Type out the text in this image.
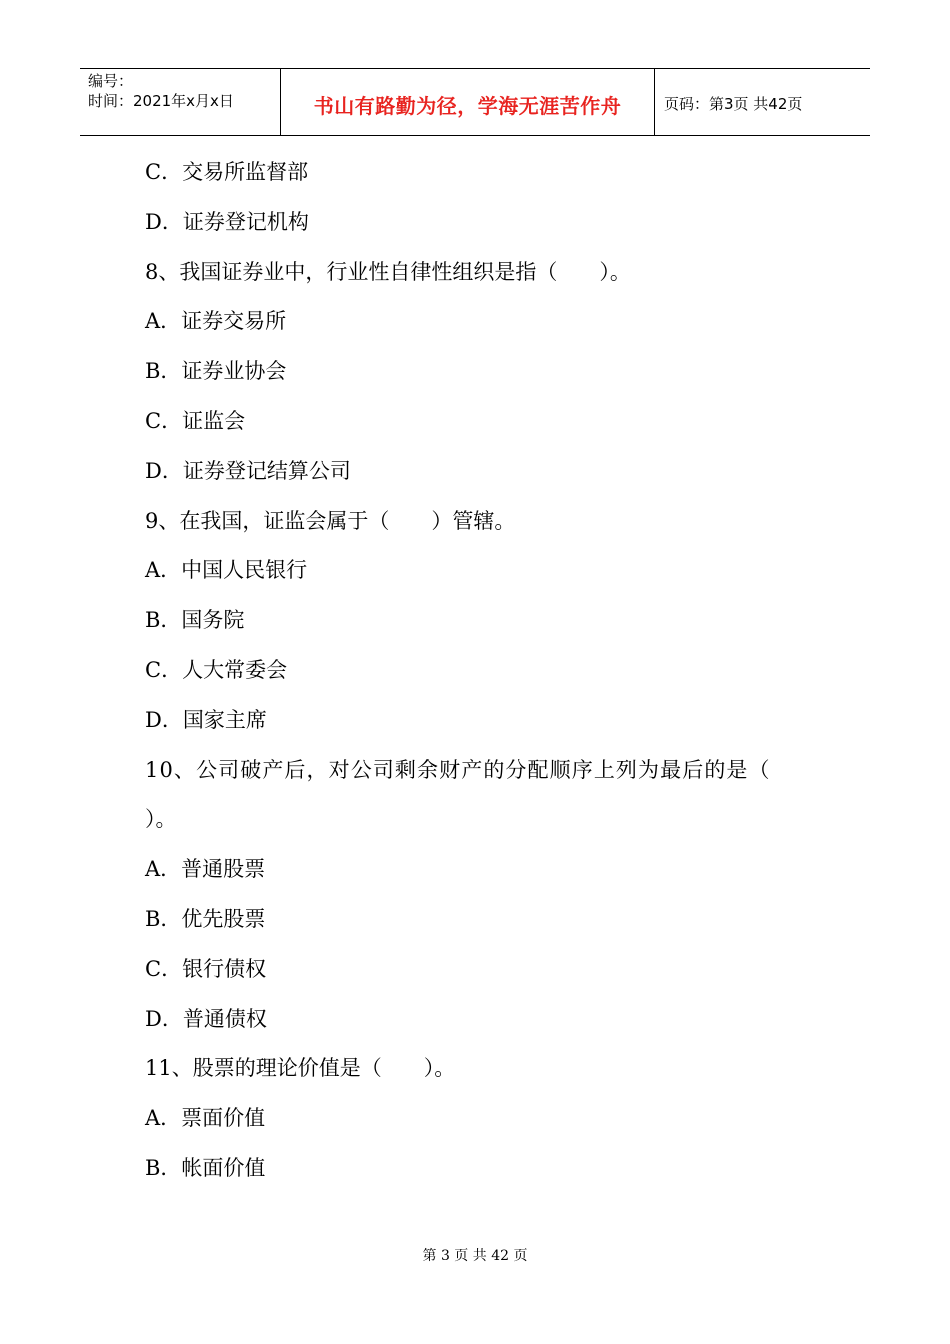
编号：
时间：2021年x月x日	书山有路勤为径，学海无涯苦作舟	页码：第3页 共42页
C．交易所监督部
D．证券登记机构
8、我国证券业中，行业性自律性组织是指（　　）。
A．证券交易所
B．证券业协会
C．证监会
D．证券登记结算公司
9、在我国，证监会属于（　　）管辖。
A．中国人民银行
B．国务院
C．人大常委会
D．国家主席
10、公司破产后，对公司剩余财产的分配顺序上列为最后的是（
）。
A．普通股票
B．优先股票
C．银行债权
D．普通债权
11、股票的理论价值是（　　）。
A．票面价值
B．帐面价值
第 3 页 共 42 页
